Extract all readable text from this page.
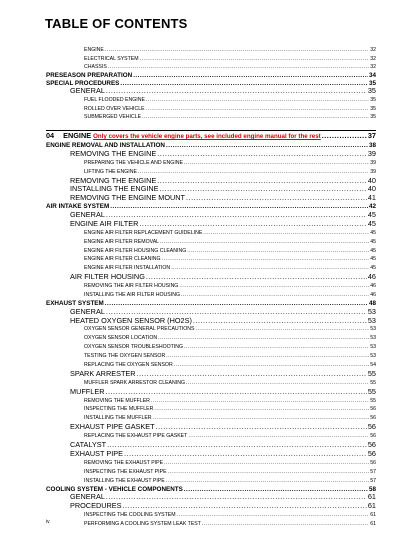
TABLE OF CONTENTS
ENGINE .....	32
ELECTRICAL SYSTEM .....	32
CHASSIS .....	32
PRESEASON PREPARATION .....	34
SPECIAL PROCEDURES .....	35
GENERAL .....	35
FUEL FLOODED ENGINE .....	35
ROLLED OVER VEHICLE .....	35
SUBMERGED VEHICLE .....	35
04 ENGINE Only covers the vehicle engine parts, see included engine manual for the rest .....	37
ENGINE REMOVAL AND INSTALLATION .....	38
REMOVING THE ENGINE .....	39
PREPARING THE VEHICLE AND ENGINE .....	39
LIFTING THE ENGINE .....	39
REMOVING THE ENGINE .....	40
INSTALLING THE ENGINE .....	40
REMOVING THE ENGINE MOUNT .....	41
AIR INTAKE SYSTEM .....	42
GENERAL .....	45
ENGINE AIR FILTER .....	45
ENGINE AIR FILTER REPLACEMENT GUIDELINE .....	45
ENGINE AIR FILTER REMOVAL .....	45
ENGINE AIR FILTER HOUSING CLEANING .....	45
ENGINE AIR FILTER CLEANING .....	45
ENGINE AIR FILTER INSTALLATION .....	45
AIR FILTER HOUSING .....	46
REMOVING THE AIR FILTER HOUSING .....	46
INSTALLING THE AIR FILTER HOUSING .....	46
EXHAUST SYSTEM .....	48
GENERAL .....	53
HEATED OXYGEN SENSOR (HO2S) .....	53
OXYGEN SENSOR GENERAL PRECAUTIONS .....	53
OXYGEN SENSOR LOCATION .....	53
OXYGEN SENSOR TROUBLESHOOTING .....	53
TESTING THE OXYGEN SENSOR .....	53
REPLACING THE OXYGEN SENSOR .....	54
SPARK ARRESTER .....	55
MUFFLER SPARK ARRESTOR CLEANING .....	55
MUFFLER .....	55
REMOVING THE MUFFLER .....	55
INSPECTING THE MUFFLER .....	56
INSTALLING THE MUFFLER .....	56
EXHAUST PIPE GASKET .....	56
REPLACING THE EXHAUST PIPE GASKET .....	56
CATALYST .....	56
EXHAUST PIPE .....	56
REMOVING THE EXHAUST PIPE .....	56
INSPECTING THE EXHAUST PIPE .....	57
INSTALLING THE EXHAUST PIPE .....	57
COOLING SYSTEM - VEHICLE COMPONENTS .....	58
GENERAL .....	61
PROCEDURES .....	61
INSPECTING THE COOLING SYSTEM .....	61
PERFORMING A COOLING SYSTEM LEAK TEST .....	61
iv
